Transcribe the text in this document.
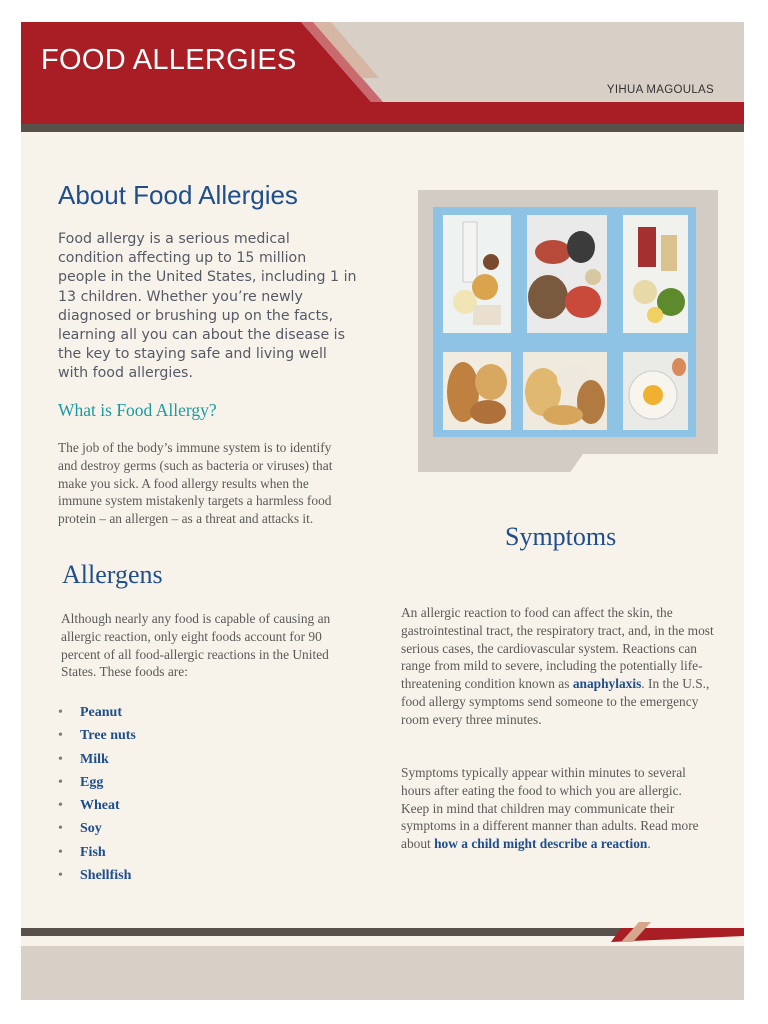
FOOD ALLERGIES
YIHUA MAGOULAS
About Food Allergies

Food allergy is a serious medical condition affecting up to 15 million people in the United States, including 1 in 13 children. Whether you’re newly diagnosed or brushing up on the facts, learning all you can about the disease is the key to staying safe and living well with food allergies.

What is Food Allergy?

The job of the body’s immune system is to identify and destroy germs (such as bacteria or viruses) that make you sick. A food allergy results when the immune system mistakenly targets a harmless food protein – an allergen – as a threat and attacks it.

Allergens

Although nearly any food is capable of causing an allergic reaction, only eight foods account for 90 percent of all food-allergic reactions in the United States. These foods are:

• Peanut
• Tree nuts
• Milk
• Egg
• Wheat
• Soy
• Fish
• Shellfish
Symptoms

An allergic reaction to food can affect the skin, the gastrointestinal tract, the respiratory tract, and, in the most serious cases, the cardiovascular system. Reactions can range from mild to severe, including the potentially life-threatening condition known as anaphylaxis. In the U.S., food allergy symptoms send someone to the emergency room every three minutes.

Symptoms typically appear within minutes to several hours after eating the food to which you are allergic. Keep in mind that children may communicate their symptoms in a different manner than adults. Read more about how a child might describe a reaction.
